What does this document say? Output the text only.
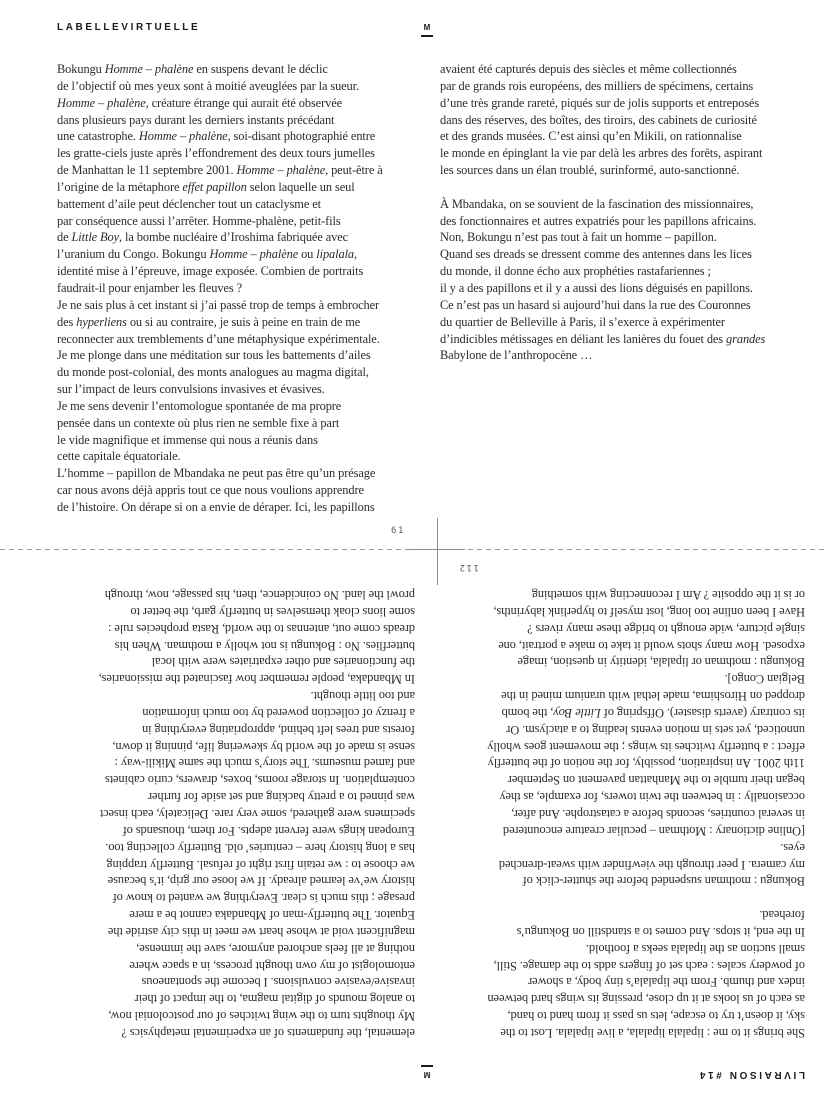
LABELLEVIRTUELLE	M
Bokungu Homme – phalène en suspens devant le déclic
de l’objectif où mes yeux sont à moitié aveuglées par la sueur.
Homme – phalène, créature étrange qui aurait été observée
dans plusieurs pays durant les derniers instants précédant
une catastrophe. Homme – phalène, soi-disant photographié entre
les gratte-ciels juste après l’effondrement des deux tours jumelles
de Manhattan le 11 septembre 2001. Homme – phalène, peut-être à
l’origine de la métaphore effet papillon selon laquelle un seul
battement d’aile peut déclencher tout un cataclysme et
par conséquence aussi l’arrêter. Homme-phalène, petit-fils
de Little Boy, la bombe nucléaire d’Iroshima fabriquée avec
l’uranium du Congo. Bokungu Homme – phalène ou lipalala,
identité mise à l’épreuve, image exposée. Combien de portraits
faudrait-il pour enjamber les fleuves ?
Je ne sais plus à cet instant si j’ai passé trop de temps à embrocher
des hyperliens ou si au contraire, je suis à peine en train de me
reconnecter aux tremblements d’une métaphysique expérimentale.
Je me plonge dans une méditation sur tous les battements d’ailes
du monde post-colonial, des monts analogues au magma digital,
sur l’impact de leurs convulsions invasives et évasives.
Je me sens devenir l’entomologue spontanée de ma propre
pensée dans un contexte où plus rien ne semble fixe à part
le vide magnifique et immense qui nous a réunis dans
cette capitale équatoriale.
L’homme – papillon de Mbandaka ne peut pas être qu’un présage
car nous avons déjà appris tout ce que nous voulions apprendre
de l’histoire. On dérape si on a envie de déraper. Ici, les papillons
avaient été capturés depuis des siècles et même collectionnés
par de grands rois européens, des milliers de spécimens, certains
d’une très grande rareté, piqués sur de jolis supports et entreposés
dans des réserves, des boîtes, des tiroirs, des cabinets de curiosité
et des grands musées. C’est ainsi qu’en Mikili, on rationnalise
le monde en épinglant la vie par delà les arbres des forêts, aspirant
les sources dans un élan troublé, surinformé, auto-sanctionné.

À Mbandaka, on se souvient de la fascination des missionnaires,
des fonctionnaires et autres expatriés pour les papillons africains.
Non, Bokungu n’est pas tout à fait un homme – papillon.
Quand ses dreads se dressent comme des antennes dans les lices
du monde, il donne écho aux prophéties rastafariennes ;
il y a des papillons et il y a aussi des lions déguisés en papillons.
Ce n’est pas un hasard si aujourd’hui dans la rue des Couronnes
du quartier de Belleville à Paris, il s’exerce à expérimenter
d’indicibles métissages en déliant les lanières du fouet des grandes
Babylone de l’anthropocène …
61
LIVRAISON #14
M
She brings it to me : lipalala lipalala, a live lipalala. Lost to the
sky, it doesn’t try to escape, lets us pass it from hand to hand,
as each of us looks at it up close, pressing its wings hard between
index and thumb. From the lipalala’s tiny body, a shower
of powdery scales : each set of fingers adds to the damage. Still,
small suction as the lipalala seeks a foothold.
In the end, it stops. And comes to a standstill on Bokungu’s
forehead.

Bokungu : mothman suspended before the shutter-click of
my camera. I peer through the viewfinder with sweat-drenched
eyes.
[Online dictionary : Mothman – peculiar creature encountered
in several countries, seconds before a catastrophe. And after,
occasionally : in between the twin towers, for example, as they
began their tumble to the Manhattan pavement on September
11th 2001. An inspiration, possibly, for the notion of the butterfly
effect : a butterfly twitches its wings ; the movement goes wholly
unnoticed, yet sets in motion events leading to a ataclysm. Or
its contrary (averts disaster). Offspring of Little Boy, the bomb
dropped on Hiroshima, made lethal with uranium mined in the
Belgian Congo].
Bokungu : mothman or lipalala, identity in question, image
exposed. How many shots would it take to make a portrait, one
single picture, wide enough to bridge these many rivers ?
Have I been online too long, lost myself to hyperlink labyrinths,
or is it the opposite ? Am I reconnecting with something
elemental, the fundaments of an experimental metaphysics ?
My thoughts turn to the wing twitches of our postcolonial now,
to analog mounds of digital magma, to the impact of their
invasive/evasive convulsions. I become the spontaneous
entomologist of my own thought process, in a space where
nothing at all feels anchored anymore, save the immense,
magnificent void at whose heart we meet in this city astride the
Equator. The butterfly-man of Mbandaka cannot be a mere
presage ; this much is clear. Everything we wanted to know of
history we’ve learned already. If we loose our grip, it’s because
we choose to : we retain first right of refusal. Butterfly trapping
has a long history here – centuries’ old. Butterfly collecting too.
European kings were fervent adepts. For them, thousands of
specimens were gathered, some very rare. Delicately, each insect
was pinned to a pretty backing and set aside for further
contemplation. In storage rooms, boxes, drawers, curio cabinets
and famed museums. The story’s much the same Mikili-way :
sense is made of the world by skewering life, pinning it down,
forests and trees left behind, appropriating everything in
a frenzy of collection powered by too much information
and too little thought.
In Mbandaka, people remember how fascinated the missionaries,
the functionaries and other expatriates were with local
butterflies. No : Bokungu is not wholly a mothman. When his
dreads come out, antennas to the world, Rasta prophecies rule :
some lions cloak themselves in butterfly garb, the better to
prowl the land. No coincidence, then, his passage, now, through
112
